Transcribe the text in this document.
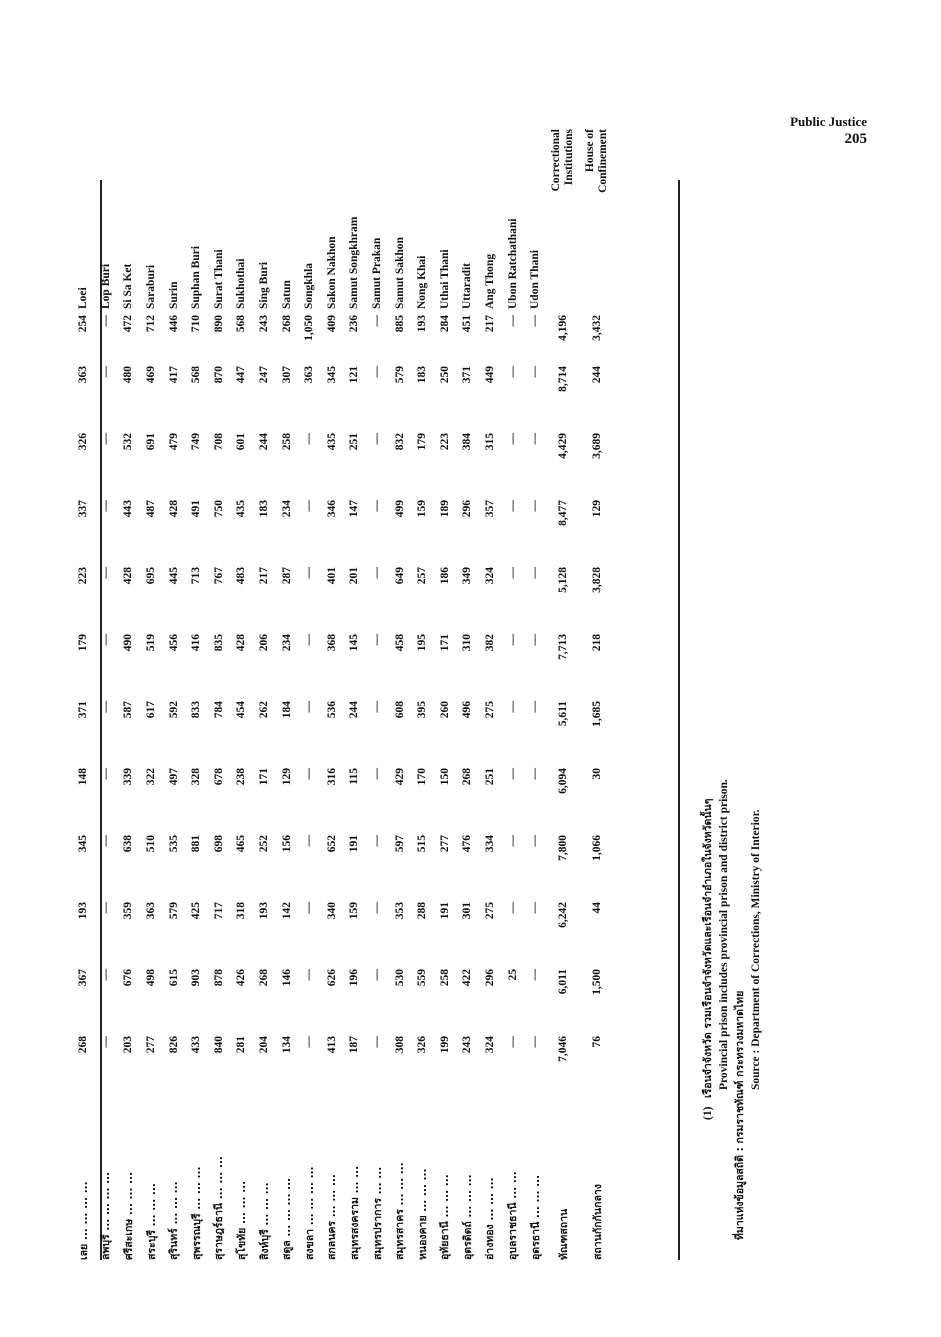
Public Justice
205
เลย ... ... ... ...	268	367	193	345	148	371	179	223	337	326	363	254	Loei
ลพบุรี ... ... ... ...	—	—	—	—	—	—	—	—	—	—	—	—	Lop Buri
ศรีสะเกษ ... ... ...	203	676	359	638	339	587	490	428	443	532	480	472	Si Sa Ket
สระบุรี ... ... ...	277	498	363	510	322	617	519	695	487	691	469	712	Saraburi
สุรินทร์ ... ... ...	826	615	579	535	497	592	456	445	428	479	417	446	Surin
สุพรรณบุรี ... ... ...	433	903	425	881	328	833	416	713	491	749	568	710	Suphan Buri
สุราษฎร์ธานี ... ... ...	840	878	717	698	678	784	835	767	750	708	870	890	Surat Thani
สุโขทัย ... ... ...	281	426	318	465	238	454	428	483	435	601	447	568	Sukhothai
สิงห์บุรี ... ... ...	204	268	193	252	171	262	206	217	183	244	247	243	Sing Buri
สตูล ... ... ... ...	134	146	142	156	129	184	234	287	234	258	307	268	Satun
สงขลา ... ... ... ...	—	—	—	—	—	—	—	—	—	—	363	1,050	Songkhla
สกลนคร ... ... ...	413	626	340	652	316	536	368	401	346	435	345	409	Sakon Nakhon
สมุทรสงคราม ... ...	187	196	159	191	115	244	145	201	147	251	121	236	Samut Songkhram
สมุทรปราการ ... ...	—	—	—	—	—	—	—	—	—	—	—	—	Samut Prakan
สมุทรสาคร ... ... ...	308	530	353	597	429	608	458	649	499	832	579	885	Samut Sakhon
หนองคาย ... ... ...	326	559	288	515	170	395	195	257	159	179	183	193	Nong Khai
อุทัยธานี ... ... ...	199	258	191	277	150	260	171	186	189	223	250	284	Uthai Thani
อุตรดิตถ์ ... ... ...	243	422	301	476	268	496	310	349	296	384	371	451	Uttaradit
อ่างทอง ... ... ...	324	296	275	334	251	275	382	324	357	315	449	217	Ang Thong
อุบลราชธานี ... ...	—	25	—	—	—	—	—	—	—	—	—	—	Ubon Ratchathani
อุดรธานี ... ... ...	—	—	—	—	—	—	—	—	—	—	—	—	Udon Thani
ทัณฑสถาน	7,046	6,011	6,242	7,800	6,094	5,611	7,713	5,128	8,477	4,429	8,714	4,196	Correctional Institutions

สถานกักกันกลาง	76	1,500	44	1,066	30	1,685	218	3,828	129	3,689	244	3,432	House of Confinement
(1)   เรือนจำจังหวัด รวมเรือนจำจังหวัดและเรือนจำอำเภอในจังหวัดนั้นๆ Provincial prison includes provincial prison and district prison.
ที่มาแห่งข้อมูลสถิติ : กรมราชทัณฑ์ กระทรวงมหาดไทย
Source : Department of Corrections, Ministry of Interior.
